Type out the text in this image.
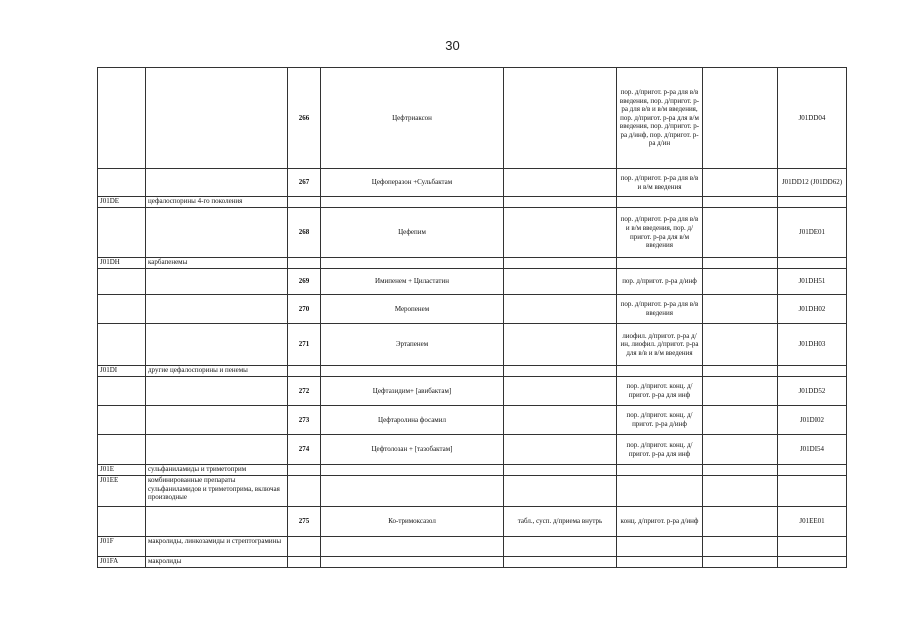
30
		266	Цефтриаксон		пор. д/пригот. р-ра для в/в введения, пор. д/пригот. р-ра для в/в и в/м введения, пор. д/пригот. р-ра для в/м введения, пор. д/пригот. р-ра д/инф, пор. д/пригот. р-ра д/ин		J01DD04
		267	Цефоперазон +Сульбактам		пор. д/пригот. р-ра для в/в и в/м введения		J01DD12 (J01DD62)
J01DE	цефалоспорины 4-го поколения						
		268	Цефепим		пор. д/пригот. р-ра для в/в и в/м введения, пор. д/пригот. р-ра для в/м введения		J01DE01
J01DH	карбапенемы						
		269	Имипенем + Циластатин		пор. д/пригот. р-ра д/инф		J01DH51
		270	Меропенем		пор. д/пригот. р-ра для в/в введения		J01DH02
		271	Эртапенем		лиофил. д/пригот. р-ра д/ин, лиофил. д/пригот. р-ра для в/в и в/м введения		J01DH03
J01DI	другие цефалоспорины и пенемы						
		272	Цефтазидим+ [авибактам]		пор. д/пригот. конц. д/пригот. р-ра для инф		J01DD52
		273	Цефтаролина фосамил		пор. д/пригот. конц. д/пригот. р-ра д/инф		J01DI02
		274	Цефтолозан + [тазобактам]		пор. д/пригот. конц. д/пригот. р-ра для инф		J01DI54
J01E	сульфаниламиды и триметоприм						
J01EE	комбинированные препараты сульфаниламидов и триметоприма, включая производные						
		275	Ко-тримоксазол	табл., сусп. д/приема внутрь	конц. д/пригот. р-ра д/инф		J01EE01
J01F	макролиды, линкозамиды и стрептограмины						
J01FA	макролиды						
